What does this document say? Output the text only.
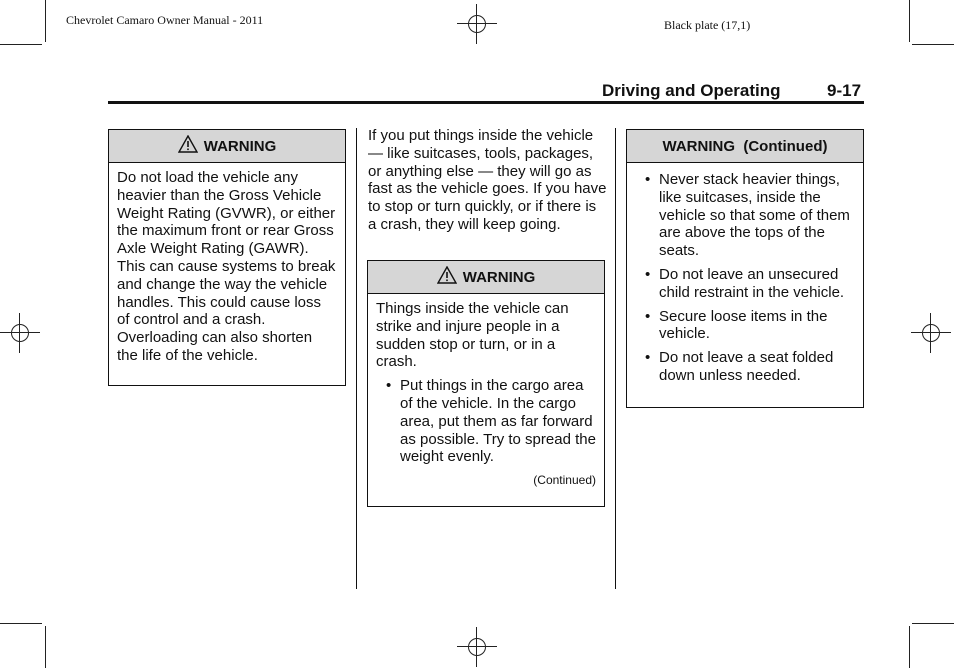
Chevrolet Camaro Owner Manual - 2011	Black plate (17,1)
Driving and Operating	9-17
WARNING
Do not load the vehicle any heavier than the Gross Vehicle Weight Rating (GVWR), or either the maximum front or rear Gross Axle Weight Rating (GAWR). This can cause systems to break and change the way the vehicle handles. This could cause loss of control and a crash. Overloading can also shorten the life of the vehicle.
If you put things inside the vehicle — like suitcases, tools, packages, or anything else — they will go as fast as the vehicle goes. If you have to stop or turn quickly, or if there is a crash, they will keep going.
WARNING
Things inside the vehicle can strike and injure people in a sudden stop or turn, or in a crash.
• Put things in the cargo area of the vehicle. In the cargo area, put them as far forward as possible. Try to spread the weight evenly.
(Continued)
WARNING  (Continued)
• Never stack heavier things, like suitcases, inside the vehicle so that some of them are above the tops of the seats.
• Do not leave an unsecured child restraint in the vehicle.
• Secure loose items in the vehicle.
• Do not leave a seat folded down unless needed.
